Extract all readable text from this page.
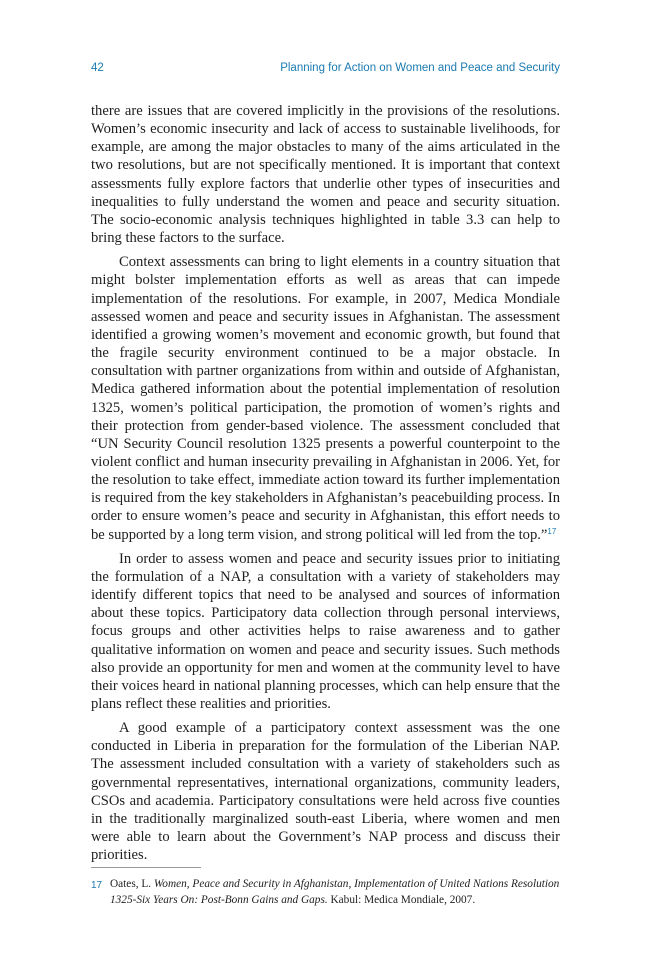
42	Planning for Action on Women and Peace and Security

there are issues that are covered implicitly in the provisions of the resolutions. Women’s economic insecurity and lack of access to sustainable livelihoods, for example, are among the major obstacles to many of the aims articulated in the two resolutions, but are not specifically mentioned. It is important that context assessments fully explore factors that underlie other types of insecurities and inequalities to fully understand the women and peace and security situation. The socio-economic analysis techniques highlighted in table 3.3 can help to bring these factors to the surface.

Context assessments can bring to light elements in a country situation that might bolster implementation efforts as well as areas that can impede implementation of the resolutions. For example, in 2007, Medica Mondiale assessed women and peace and security issues in Afghanistan. The assessment identified a growing women’s movement and economic growth, but found that the fragile security environment continued to be a major obstacle. In consultation with partner organizations from within and outside of Afghanistan, Medica gathered information about the potential implementation of resolution 1325, women’s political participation, the promotion of women’s rights and their protection from gender-based violence. The assessment concluded that “UN Security Council resolution 1325 presents a powerful counterpoint to the violent conflict and human insecurity prevailing in Afghanistan in 2006. Yet, for the resolution to take effect, immediate action toward its further implementation is required from the key stakeholders in Afghanistan’s peacebuilding process. In order to ensure women’s peace and security in Afghanistan, this effort needs to be supported by a long term vision, and strong political will led from the top.”$^{17}$

In order to assess women and peace and security issues prior to initiating the formulation of a NAP, a consultation with a variety of stakeholders may identify different topics that need to be analysed and sources of information about these topics. Participatory data collection through personal interviews, focus groups and other activities helps to raise awareness and to gather qualitative information on women and peace and security issues. Such methods also provide an opportunity for men and women at the community level to have their voices heard in national planning processes, which can help ensure that the plans reflect these realities and priorities.

A good example of a participatory context assessment was the one conducted in Liberia in preparation for the formulation of the Liberian NAP. The assessment included consultation with a variety of stakeholders such as governmental representatives, international organizations, community leaders, CSOs and academia. Participatory consultations were held across five counties in the traditionally marginalized south-east Liberia, where women and men were able to learn about the Government’s NAP process and discuss their priorities.

17 Oates, L. Women, Peace and Security in Afghanistan, Implementation of United Nations Resolution 1325-Six Years On: Post-Bonn Gains and Gaps. Kabul: Medica Mondiale, 2007.
